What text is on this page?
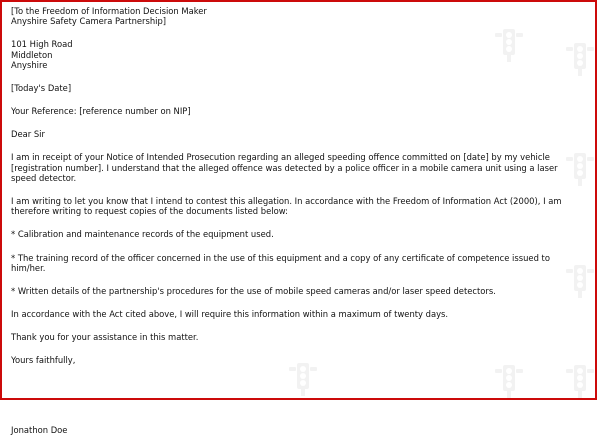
[To the Freedom of Information Decision Maker
Anyshire Safety Camera Partnership]

101 High Road
Middleton
Anyshire

[Today's Date]

Your Reference: [reference number on NIP]

Dear Sir

I am in receipt of your Notice of Intended Prosecution regarding an alleged speeding offence committed on [date] by my vehicle
[registration number]. I understand that the alleged offence was detected by a police officer in a mobile camera unit using a laser
speed detector.

I am writing to let you know that I intend to contest this allegation. In accordance with the Freedom of Information Act (2000), I am
therefore writing to request copies of the documents listed below:

* Calibration and maintenance records of the equipment used.

* The training record of the officer concerned in the use of this equipment and a copy of any certificate of competence issued to
him/her.

* Written details of the partnership's procedures for the use of mobile speed cameras and/or laser speed detectors.

In accordance with the Act cited above, I will require this information within a maximum of twenty days.

Thank you for your assistance in this matter.

Yours faithfully,

Jonathon Doe
